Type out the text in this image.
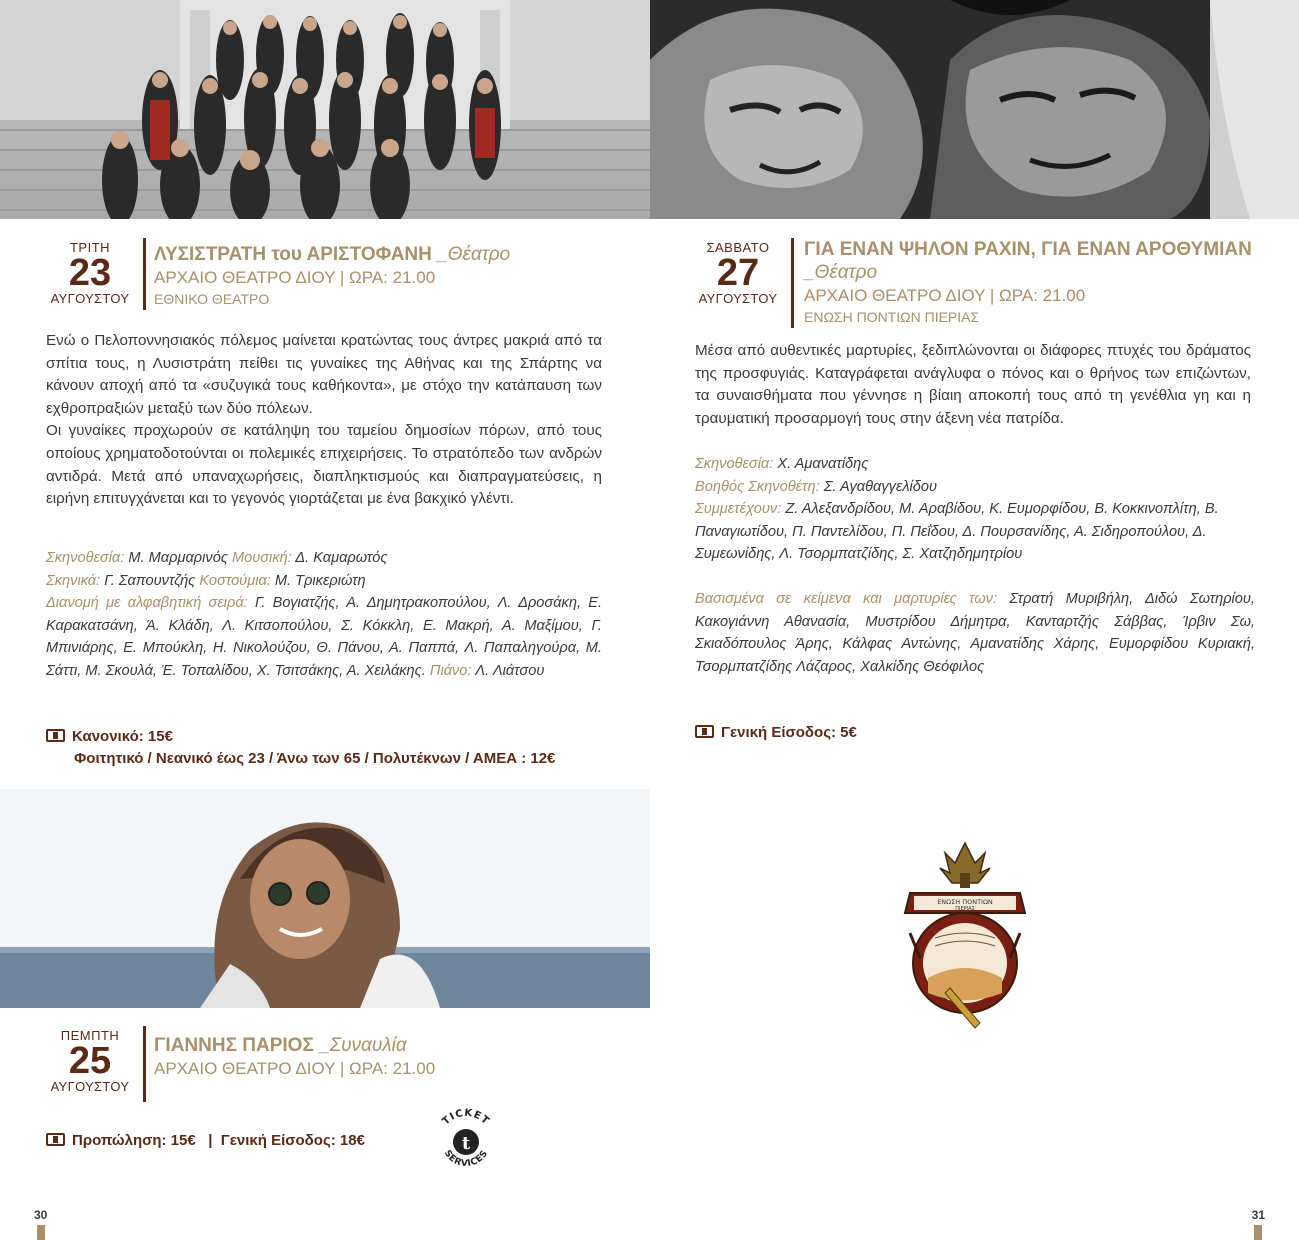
ΤΡΙΤΗ
23
ΑΥΓΟΥΣΤΟΥ
ΛΥΣΙΣΤΡΑΤΗ του ΑΡΙΣΤΟΦΑΝΗ _Θέατρο
ΑΡΧΑΙΟ ΘΕΑΤΡΟ ΔΙΟΥ | ΩΡΑ: 21.00
ΕΘΝΙΚΟ ΘΕΑΤΡΟ

Ενώ ο Πελοποννησιακός πόλεμος μαίνεται κρατώντας τους άντρες μακριά από τα σπίτια τους, η Λυσιστράτη πείθει τις γυναίκες της Αθήνας και της Σπάρτης να κάνουν αποχή από τα «συζυγικά τους καθήκοντα», με στόχο την κατάπαυση των εχθροπραξιών μεταξύ των δύο πόλεων.

Οι γυναίκες προχωρούν σε κατάληψη του ταμείου δημοσίων πόρων, από τους οποίους χρηματοδοτούνται οι πολεμικές επιχειρήσεις. Το στρατόπεδο των ανδρών αντιδρά. Μετά από υπαναχωρήσεις, διαπληκτισμούς και διαπραγματεύσεις, η ειρήνη επιτυγχάνεται και το γεγονός γιορτάζεται με ένα βακχικό γλέντι.

Σκηνοθεσία: Μ. Μαρμαρινός Μουσική: Δ. Καμαρωτός
Σκηνικά: Γ. Σαπουντζής Κοστούμια: Μ. Τρικεριώτη
Διανομή με αλφαβητική σειρά: Γ. Βογιατζής, Α. Δημητρακοπούλου, Λ. Δροσάκη, Ε. Καρακατσάνη, Ά. Κλάδη, Λ. Κιτσοπούλου, Σ. Κόκκλη, Ε. Μακρή, Α. Μαξίμου, Γ. Μπινιάρης, Ε. Μπούκλη, Η. Νικολούζου, Θ. Πάνου, Α. Παππά, Λ. Παπαληγούρα, Μ. Σάττι, Μ. Σκουλά, Έ. Τοπαλίδου, Χ. Τσιτσάκης, Α. Χειλάκης. Πιάνο: Λ. Λιάτσου
Κανονικό: 15€
Φοιτητικό / Νεανικό έως 23 / Άνω των 65 / Πολυτέκνων / ΑΜΕΑ : 12€
ΣΑΒΒΑΤΟ
27
ΑΥΓΟΥΣΤΟΥ
ΓΙΑ ΕΝΑΝ ΨΗΛΟΝ ΡΑΧΙΝ, ΓΙΑ ΕΝΑΝ ΑΡΟΘΥΜΙΑΝ
_Θέατρο
ΑΡΧΑΙΟ ΘΕΑΤΡΟ ΔΙΟΥ | ΩΡΑ: 21.00
ΕΝΩΣΗ ΠΟΝΤΙΩΝ ΠΙΕΡΙΑΣ

Μέσα από αυθεντικές μαρτυρίες, ξεδιπλώνονται οι διάφορες πτυχές του δράματος της προσφυγιάς. Καταγράφεται ανάγλυφα ο πόνος και ο θρήνος των επιζώντων, τα συναισθήματα που γέννησε η βίαιη αποκοπή τους από τη γενέθλια γη και η τραυματική προσαρμογή τους στην άξενη νέα πατρίδα.

Σκηνοθεσία: Χ. Αμανατίδης
Βοηθός Σκηνοθέτη: Σ. Αγαθαγγελίδου
Συμμετέχουν: Ζ. Αλεξανδρίδου, Μ. Αραβίδου, Κ. Ευμορφίδου, Β. Κοκκινοπλίτη, Β. Παναγιωτίδου, Π. Παντελίδου, Π. Πεΐδου, Δ. Πουρσανίδης, Α. Σιδηροπούλου, Δ. Συμεωνίδης, Λ. Τσορμπατζίδης, Σ. Χατζηδημητρίου
Βασισμένα σε κείμενα και μαρτυρίες των: Στρατή Μυριβήλη, Διδώ Σωτηρίου, Κακογιάννη Αθανασία, Μυστρίδου Δήμητρα, Κανταρτζής Σάββας, Ίρβιν Σω, Σκιαδόπουλος Άρης, Κάλφας Αντώνης, Αμανατίδης Χάρης, Ευμορφίδου Κυριακή, Τσορμπατζίδης Λάζαρος, Χαλκίδης Θεόφιλος
Γενική Είσοδος: 5€
ΕΝΩΣΗ ΠΟΝΤΙΩΝ
ΠΙΕΡΙΑΣ
ΠΕΜΠΤΗ
25
ΑΥΓΟΥΣΤΟΥ
ΓΙΑΝΝΗΣ ΠΑΡΙΟΣ _Συναυλία
ΑΡΧΑΙΟ ΘΕΑΤΡΟ ΔΙΟΥ | ΩΡΑ: 21.00
Προπώληση: 15€   |  Γενική Είσοδος: 18€
TICKET
t
SERVICES
30	31
